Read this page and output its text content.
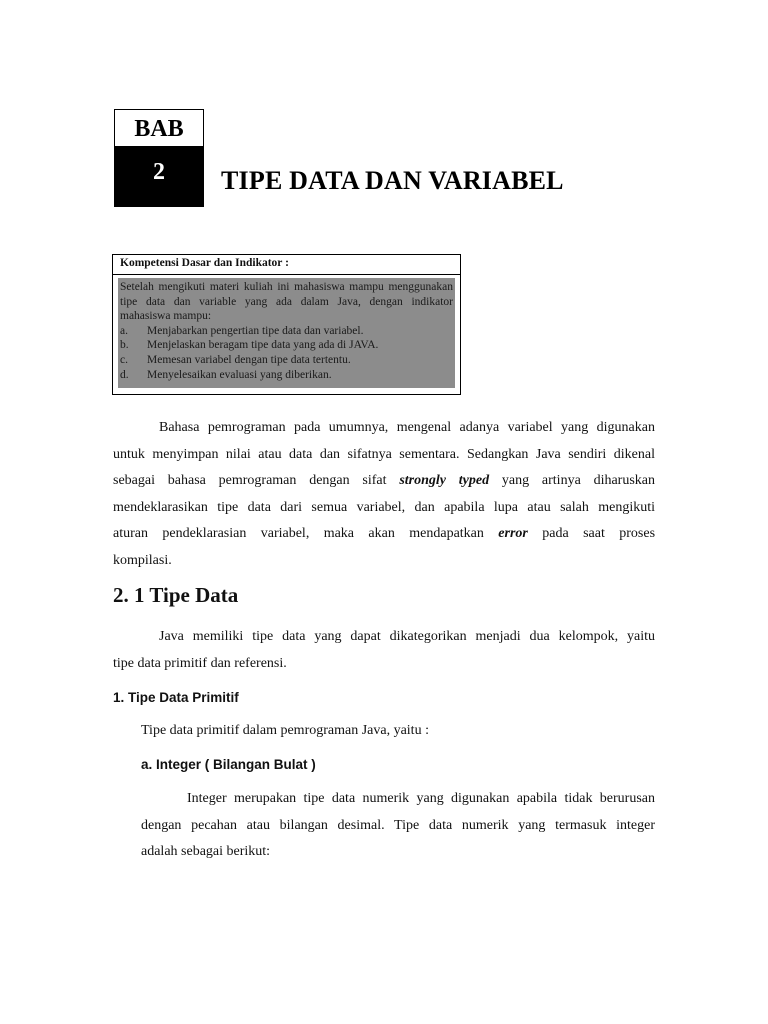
BAB
2	TIPE DATA DAN VARIABEL
Kompetensi Dasar dan Indikator :

Setelah mengikuti materi kuliah ini mahasiswa mampu menggunakan tipe data dan variable yang ada dalam Java, dengan indikator mahasiswa mampu:

a. Menjabarkan pengertian tipe data dan variabel.
b. Menjelaskan beragam tipe data yang ada di JAVA.
c. Memesan variabel dengan tipe data tertentu.
d. Menyelesaikan evaluasi yang diberikan.
Bahasa pemrograman pada umumnya, mengenal adanya variabel yang digunakan
untuk menyimpan nilai atau data dan sifatnya sementara. Sedangkan Java sendiri dikenal
sebagai bahasa pemrograman dengan sifat strongly typed yang artinya diharuskan
mendeklarasikan tipe data dari semua variabel, dan apabila lupa atau salah mengikuti
aturan pendeklarasian variabel, maka akan mendapatkan error pada saat proses
kompilasi.
2. 1 Tipe Data
Java memiliki tipe data yang dapat dikategorikan menjadi dua kelompok, yaitu
tipe data primitif dan referensi.
1. Tipe Data Primitif
Tipe data primitif dalam pemrograman Java, yaitu :
a. Integer ( Bilangan Bulat )
Integer merupakan tipe data numerik yang digunakan apabila tidak berurusan
dengan pecahan atau bilangan desimal. Tipe data numerik yang termasuk integer
adalah sebagai berikut:
